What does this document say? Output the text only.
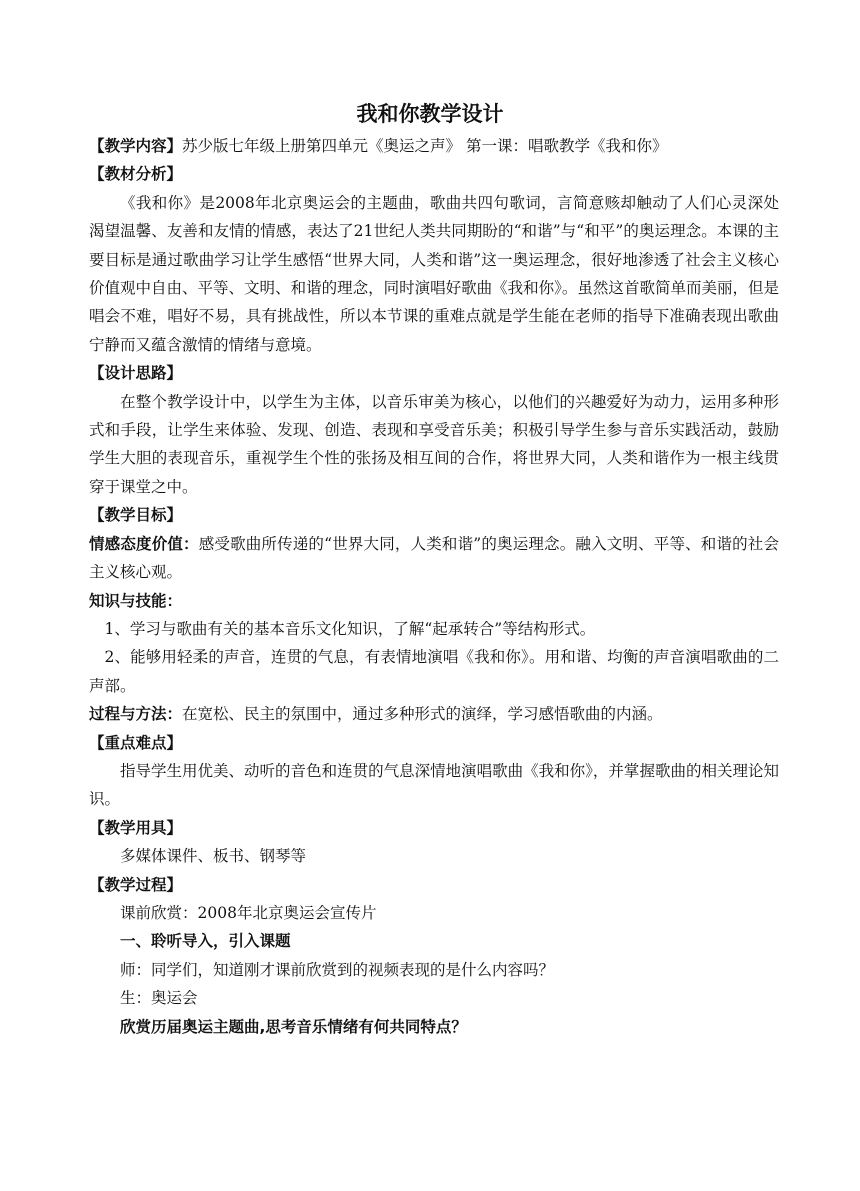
我和你教学设计

【教学内容】苏少版七年级上册第四单元《奥运之声》 第一课：唱歌教学《我和你》

【教材分析】

《我和你》是2008年北京奥运会的主题曲，歌曲共四句歌词，言简意赅却触动了人们心灵深处渴望温馨、友善和友情的情感，表达了21世纪人类共同期盼的“和谐”与“和平”的奥运理念。本课的主要目标是通过歌曲学习让学生感悟“世界大同，人类和谐”这一奥运理念，很好地渗透了社会主义核心价值观中自由、平等、文明、和谐的理念，同时演唱好歌曲《我和你》。虽然这首歌简单而美丽，但是唱会不难，唱好不易，具有挑战性，所以本节课的重难点就是学生能在老师的指导下准确表现出歌曲宁静而又蕴含激情的情绪与意境。

【设计思路】

在整个教学设计中，以学生为主体，以音乐审美为核心，以他们的兴趣爱好为动力，运用多种形式和手段，让学生来体验、发现、创造、表现和享受音乐美；积极引导学生参与音乐实践活动，鼓励学生大胆的表现音乐，重视学生个性的张扬及相互间的合作，将世界大同，人类和谐作为一根主线贯穿于课堂之中。

【教学目标】

情感态度价值：感受歌曲所传递的“世界大同，人类和谐”的奥运理念。融入文明、平等、和谐的社会主义核心观。

知识与技能：

1、学习与歌曲有关的基本音乐文化知识，了解“起承转合”等结构形式。

2、能够用轻柔的声音，连贯的气息，有表情地演唱《我和你》。用和谐、均衡的声音演唱歌曲的二声部。

过程与方法：在宽松、民主的氛围中，通过多种形式的演绎，学习感悟歌曲的内涵。

【重点难点】

指导学生用优美、动听的音色和连贯的气息深情地演唱歌曲《我和你》，并掌握歌曲的相关理论知识。

【教学用具】

多媒体课件、板书、钢琴等

【教学过程】

课前欣赏：2008年北京奥运会宣传片

一、聆听导入，引入课题

师：同学们，知道刚才课前欣赏到的视频表现的是什么内容吗？

生：奥运会

欣赏历届奥运主题曲,思考音乐情绪有何共同特点？
